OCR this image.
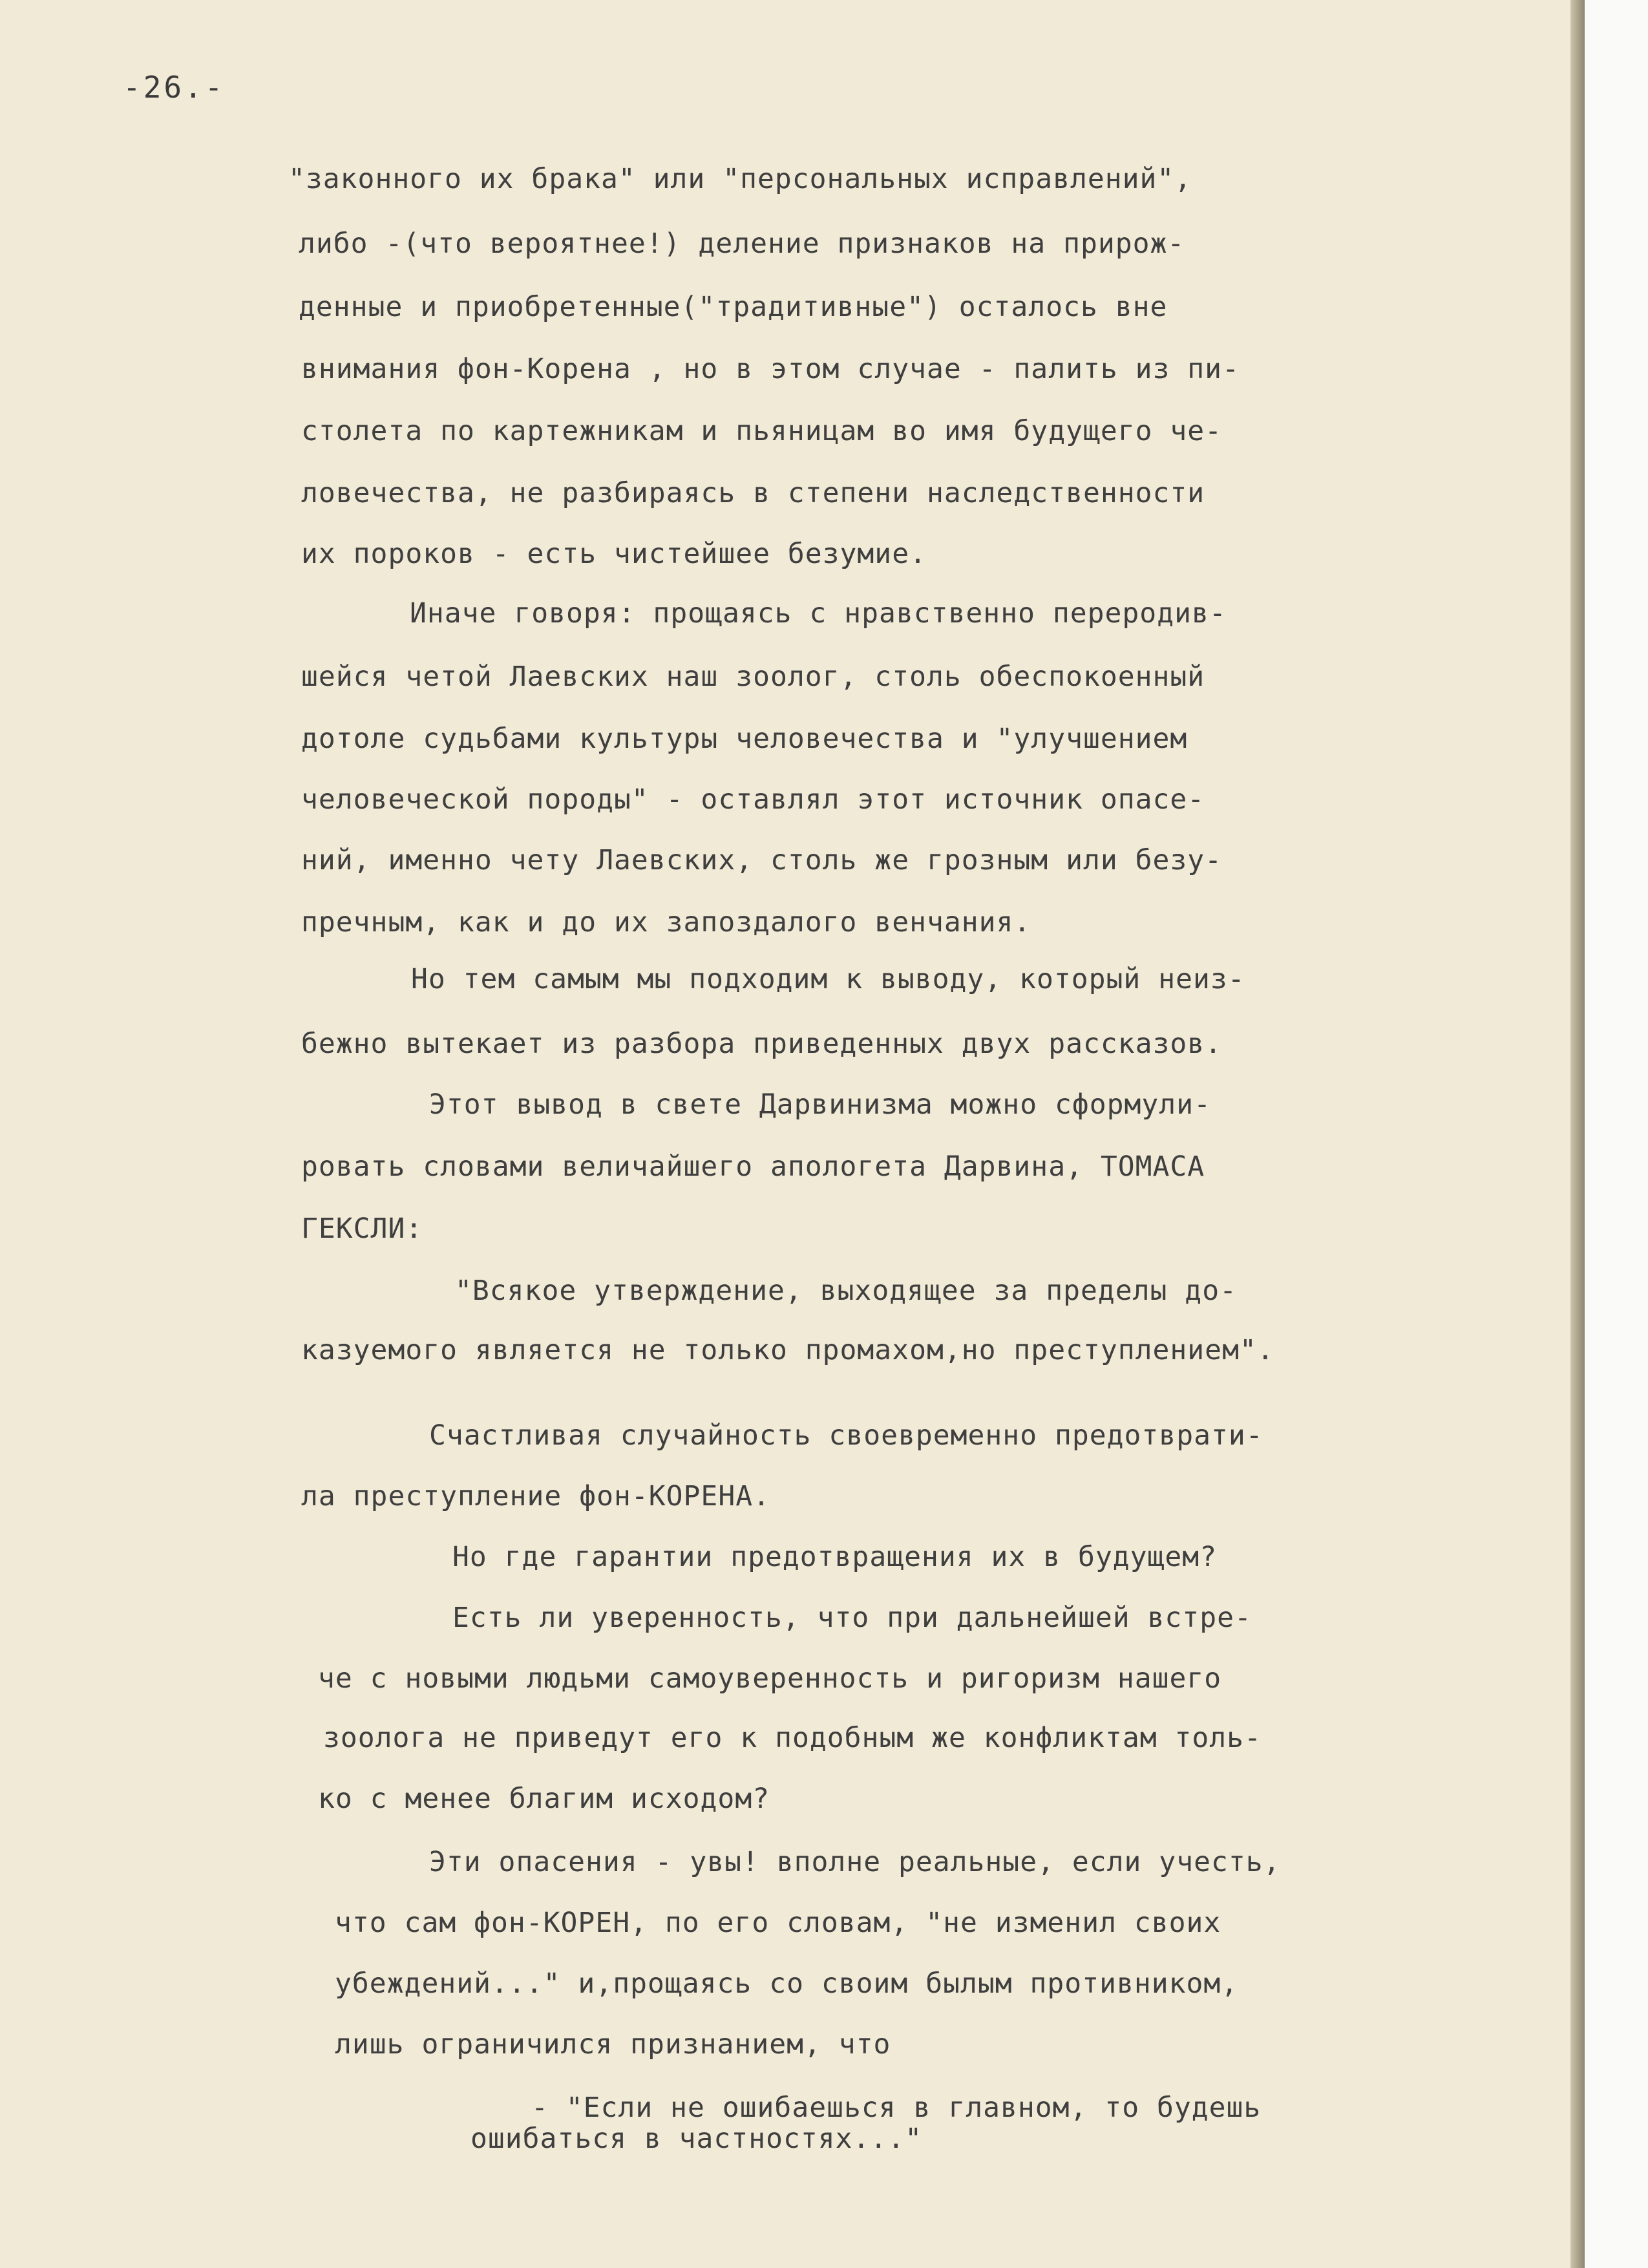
-26.-
"законного их брака" или "персональных исправлений",
либо -(что вероятнее!) деление признаков на прирож-
денные и приобретенные("традитивные") осталось вне
внимания фон-Корена , но в этом случае - палить из пи-
столета по картежникам и пьяницам во имя будущего че-
ловечества, не разбираясь в степени наследственности
их пороков - есть чистейшее безумие.
Иначе говоря: прощаясь с нравственно переродив-
шейся четой Лаевских наш зоолог, столь обеспокоенный
дотоле судьбами культуры человечества и "улучшением
человеческой породы" - оставлял этот источник опасе-
ний, именно чету Лаевских, столь же грозным или безу-
пречным, как и до их запоздалого венчания.
Но тем самым мы подходим к выводу, который неиз-
бежно вытекает из разбора приведенных двух рассказов.
Этот вывод в свете Дарвинизма можно сформули-
ровать словами величайшего апологета Дарвина, ТОМАСА
ГЕКСЛИ:
"Всякое утверждение, выходящее за пределы до-
казуемого является не только промахом,но преступлением".
Счастливая случайность своевременно предотврати-
ла преступление фон-КОРЕНА.
Но где гарантии предотвращения их в будущем?
Есть ли уверенность, что при дальнейшей встре-
че с новыми людьми самоуверенность и ригоризм нашего
зоолога не приведут его к подобным же конфликтам толь-
ко с менее благим исходом?
Эти опасения - увы! вполне реальные, если учесть,
что сам фон-КОРЕН, по его словам, "не изменил своих
убеждений..." и,прощаясь со своим былым противником,
лишь ограничился признанием, что
- "Если не ошибаешься в главном, то будешь
ошибаться в частностях..."
